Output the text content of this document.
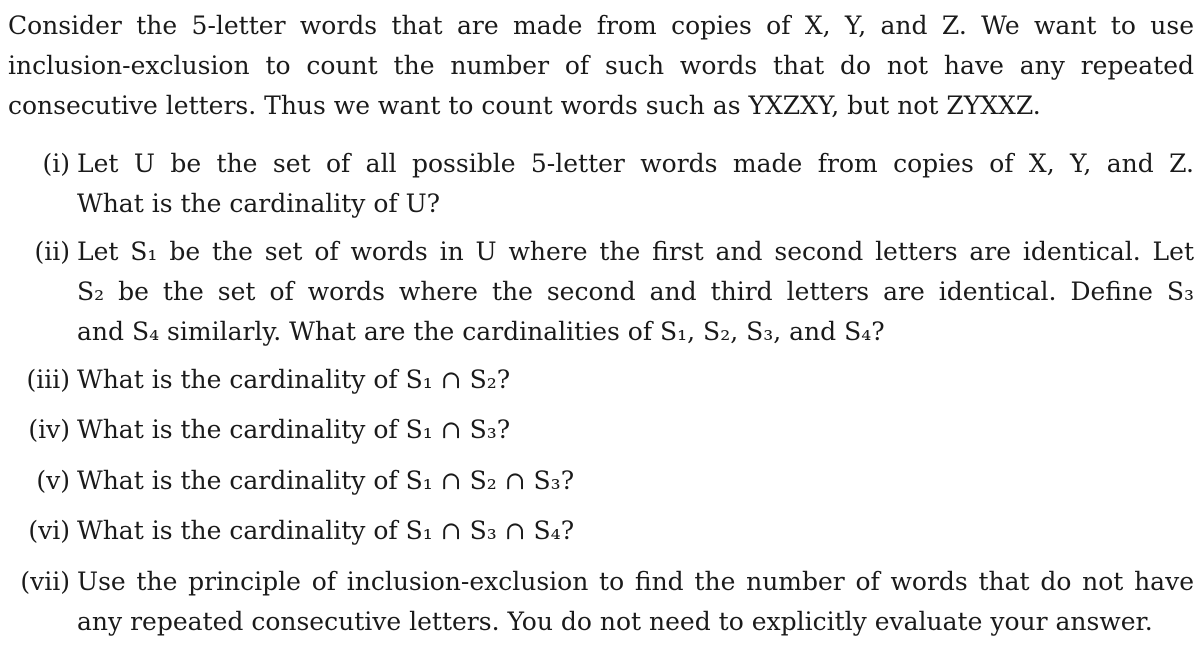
Consider the 5-letter words that are made from copies of X, Y, and Z. We want to use
inclusion-exclusion to count the number of such words that do not have any repeated
consecutive letters. Thus we want to count words such as YXZXY, but not ZYXXZ.
(i) Let U be the set of all possible 5-letter words made from copies of X, Y, and Z.
What is the cardinality of U?
(ii) Let S₁ be the set of words in U where the first and second letters are identical. Let
S₂ be the set of words where the second and third letters are identical. Define S₃
and S₄ similarly. What are the cardinalities of S₁, S₂, S₃, and S₄?
(iii) What is the cardinality of S₁ ∩ S₂?
(iv) What is the cardinality of S₁ ∩ S₃?
(v) What is the cardinality of S₁ ∩ S₂ ∩ S₃?
(vi) What is the cardinality of S₁ ∩ S₃ ∩ S₄?
(vii) Use the principle of inclusion-exclusion to find the number of words that do not have
any repeated consecutive letters. You do not need to explicitly evaluate your answer.
